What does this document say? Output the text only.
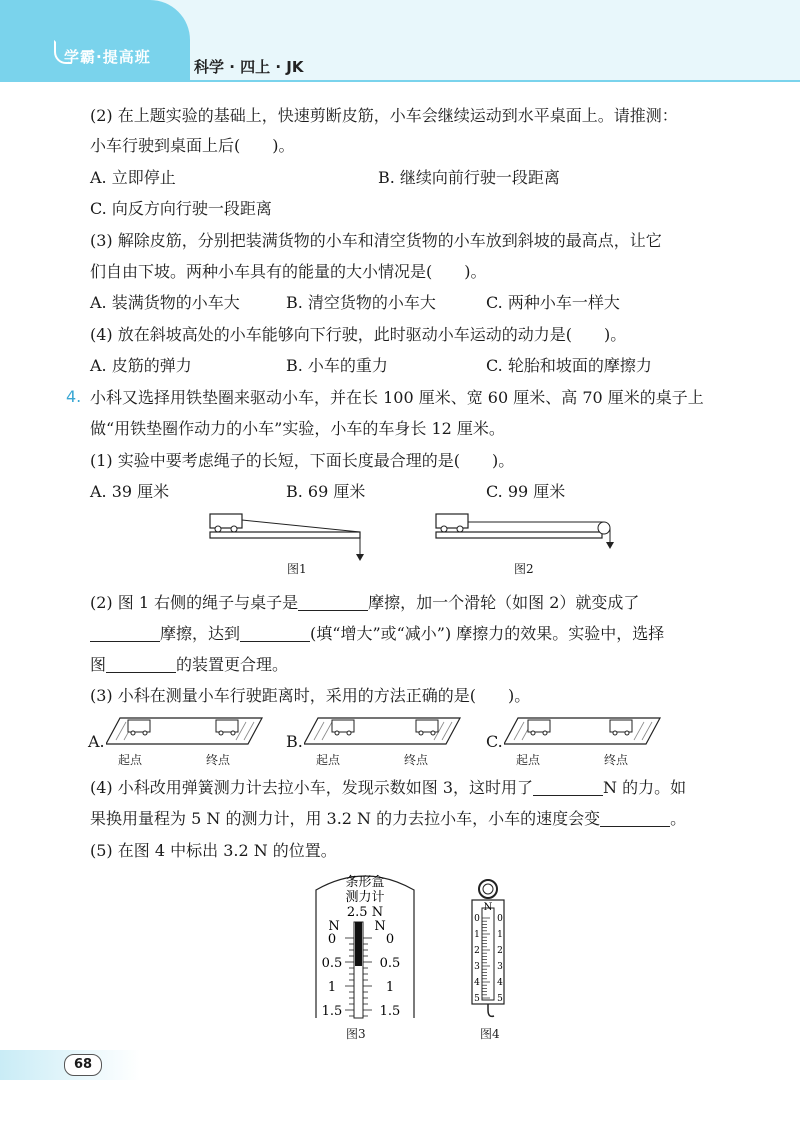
学霸·提高班
科学 · 四上 · JK
(2) 在上题实验的基础上，快速剪断皮筋，小车会继续运动到水平桌面上。请推测：
小车行驶到桌面上后(　　)。
A. 立即停止	B. 继续向前行驶一段距离
C. 向反方向行驶一段距离
(3) 解除皮筋，分别把装满货物的小车和清空货物的小车放到斜坡的最高点，让它
们自由下坡。两种小车具有的能量的大小情况是(　　)。
A. 装满货物的小车大	B. 清空货物的小车大	C. 两种小车一样大
(4) 放在斜坡高处的小车能够向下行驶，此时驱动小车运动的动力是(　　)。
A. 皮筋的弹力	B. 小车的重力	C. 轮胎和坡面的摩擦力
4. 小科又选择用铁垫圈来驱动小车，并在长 100 厘米、宽 60 厘米、高 70 厘米的桌子上
做“用铁垫圈作动力的小车”实验，小车的车身长 12 厘米。
(1) 实验中要考虑绳子的长短，下面长度最合理的是(　　)。
A. 39 厘米	B. 69 厘米	C. 99 厘米
图1	图2
(2) 图 1 右侧的绳子与桌子是	摩擦，加一个滑轮（如图 2）就变成了
摩擦，达到	(填“增大”或“减小”) 摩擦力的效果。实验中，选择
图	的装置更合理。
(3) 小科在测量小车行驶距离时，采用的方法正确的是(　　)。
A.	B.	C.
起点	终点	起点	终点	起点	终点
(4) 小科改用弹簧测力计去拉小车，发现示数如图 3，这时用了	N 的力。如
果换用量程为 5 N 的测力计，用 3.2 N 的力去拉小车，小车的速度会变	。
(5) 在图 4 中标出 3.2 N 的位置。
条形盒
测力计
2.5 N
N	N
0	0
0.5	0.5
1	1
1.5	1.5
图3
N
0 0
1 1
2 2
3 3
4 4
5 5
图4
68
